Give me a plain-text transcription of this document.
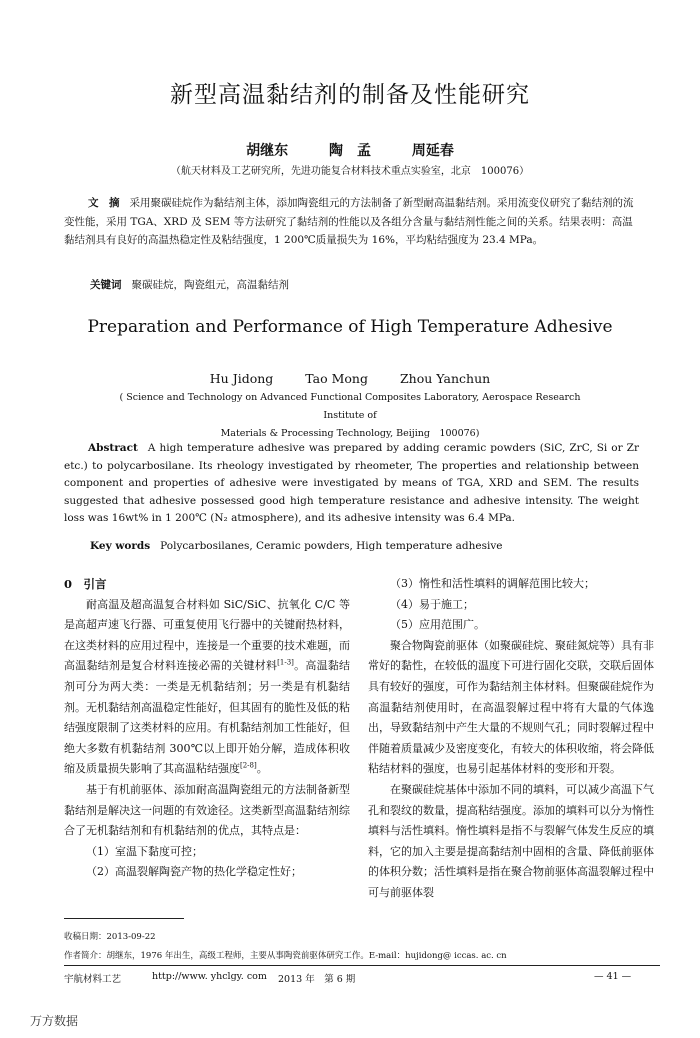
新型高温黏结剂的制备及性能研究
胡继东	陶　孟	周延春
（航天材料及工艺研究所，先进功能复合材料技术重点实验室，北京　100076）
文　摘 采用聚碳硅烷作为黏结剂主体，添加陶瓷组元的方法制备了新型耐高温黏结剂。采用流变仪研究了黏结剂的流变性能，采用 TGA、XRD 及 SEM 等方法研究了黏结剂的性能以及各组分含量与黏结剂性能之间的关系。结果表明：高温黏结剂具有良好的高温热稳定性及粘结强度，1 200℃质量损失为 16%，平均粘结强度为 23.4 MPa。
关键词 聚碳硅烷，陶瓷组元，高温黏结剂
Preparation and Performance of High Temperature Adhesive
Hu Jidong	Tao Mong	Zhou Yanchun
( Science and Technology on Advanced Functional Composites Laboratory, Aerospace Research Institute of
Materials & Processing Technology, Beijing　100076)
Abstract A high temperature adhesive was prepared by adding ceramic powders (SiC, ZrC, Si or Zr etc.) to polycarbosilane. Its rheology investigated by rheometer, The properties and relationship between component and properties of adhesive were investigated by means of TGA, XRD and SEM. The results suggested that adhesive possessed good high temperature resistance and adhesive intensity. The weight loss was 16wt% in 1 200℃ (N₂ atmosphere), and its adhesive intensity was 6.4 MPa.
Key words Polycarbosilanes, Ceramic powders, High temperature adhesive

0　引言

耐高温及超高温复合材料如 SiC/SiC、抗氧化 C/C 等是高超声速飞行器、可重复使用飞行器中的关键耐热材料，在这类材料的应用过程中，连接是一个重要的技术难题，而高温黏结剂是复合材料连接必需的关键材料[1-3]。高温黏结剂可分为两大类：一类是无机黏结剂；另一类是有机黏结剂。无机黏结剂高温稳定性能好，但其固有的脆性及低的粘结强度限制了这类材料的应用。有机黏结剂加工性能好，但绝大多数有机黏结剂 300℃以上即开始分解，造成体积收缩及质量损失影响了其高温粘结强度[2-8]。

基于有机前驱体、添加耐高温陶瓷组元的方法制备新型黏结剂是解决这一问题的有效途径。这类新型高温黏结剂综合了无机黏结剂和有机黏结剂的优点，其特点是：

（1）室温下黏度可控；

（2）高温裂解陶瓷产物的热化学稳定性好；

（3）惰性和活性填料的调解范围比较大；

（4）易于施工；

（5）应用范围广。

聚合物陶瓷前驱体（如聚碳硅烷、聚硅氮烷等）具有非常好的黏性，在较低的温度下可进行固化交联，交联后固体具有较好的强度，可作为黏结剂主体材料。但聚碳硅烷作为高温黏结剂使用时，在高温裂解过程中将有大量的气体逸出，导致黏结剂中产生大量的不规则气孔；同时裂解过程中伴随着质量减少及密度变化，有较大的体积收缩，将会降低粘结材料的强度，也易引起基体材料的变形和开裂。

在聚碳硅烷基体中添加不同的填料，可以减少高温下气孔和裂纹的数量，提高粘结强度。添加的填料可以分为惰性填料与活性填料。惰性填料是指不与裂解气体发生反应的填料，它的加入主要是提高黏结剂中固相的含量、降低前驱体的体积分数；活性填料是指在聚合物前驱体高温裂解过程中可与前驱体裂

收稿日期：2013-09-22
作者简介：胡继东，1976 年出生，高级工程师，主要从事陶瓷前驱体研究工作。E-mail：hujidong@ iccas. ac. cn
宇航材料工艺	http://www. yhclgy. com 2013 年　第 6 期	— 41 —
万方数据
